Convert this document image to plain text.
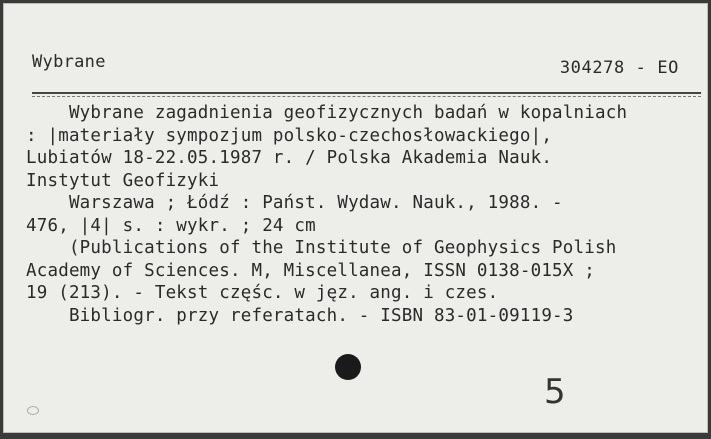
Wybrane	304278 - EO
Wybrane zagadnienia geofizycznych badań w kopalniach
: |materiały sympozjum polsko-czechosłowackiego|,
Lubiatów 18-22.05.1987 r. / Polska Akademia Nauk.
Instytut Geofizyki
Warszawa ; Łódź : Państ. Wydaw. Nauk., 1988. -
476, |4| s. : wykr. ; 24 cm
(Publications of the Institute of Geophysics Polish
Academy of Sciences. M, Miscellanea, ISSN 0138-015X ;
19 (213). - Tekst częśc. w jęz. ang. i czes.
Bibliogr. przy referatach. - ISBN 83-01-09119-3
5
